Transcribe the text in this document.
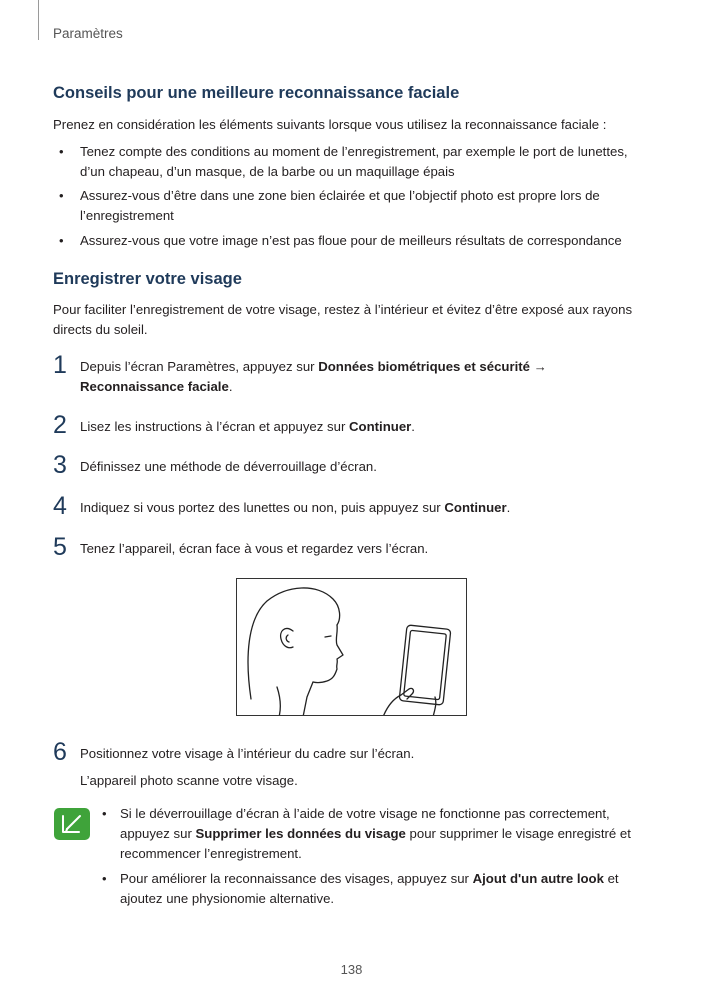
Paramètres
Conseils pour une meilleure reconnaissance faciale
Prenez en considération les éléments suivants lorsque vous utilisez la reconnaissance faciale :
• Tenez compte des conditions au moment de l’enregistrement, par exemple le port de lunettes, d’un chapeau, d’un masque, de la barbe ou un maquillage épais
• Assurez-vous d’être dans une zone bien éclairée et que l’objectif photo est propre lors de l’enregistrement
• Assurez-vous que votre image n’est pas floue pour de meilleurs résultats de correspondance
Enregistrer votre visage
Pour faciliter l’enregistrement de votre visage, restez à l’intérieur et évitez d’être exposé aux rayons directs du soleil.
1 Depuis l’écran Paramètres, appuyez sur Données biométriques et sécurité → Reconnaissance faciale.
2 Lisez les instructions à l’écran et appuyez sur Continuer.
3 Définissez une méthode de déverrouillage d’écran.
4 Indiquez si vous portez des lunettes ou non, puis appuyez sur Continuer.
5 Tenez l’appareil, écran face à vous et regardez vers l’écran.
6 Positionnez votre visage à l’intérieur du cadre sur l’écran.
L’appareil photo scanne votre visage.
• Si le déverrouillage d’écran à l’aide de votre visage ne fonctionne pas correctement, appuyez sur Supprimer les données du visage pour supprimer le visage enregistré et recommencer l’enregistrement.
• Pour améliorer la reconnaissance des visages, appuyez sur Ajout d'un autre look et ajoutez une physionomie alternative.
138
